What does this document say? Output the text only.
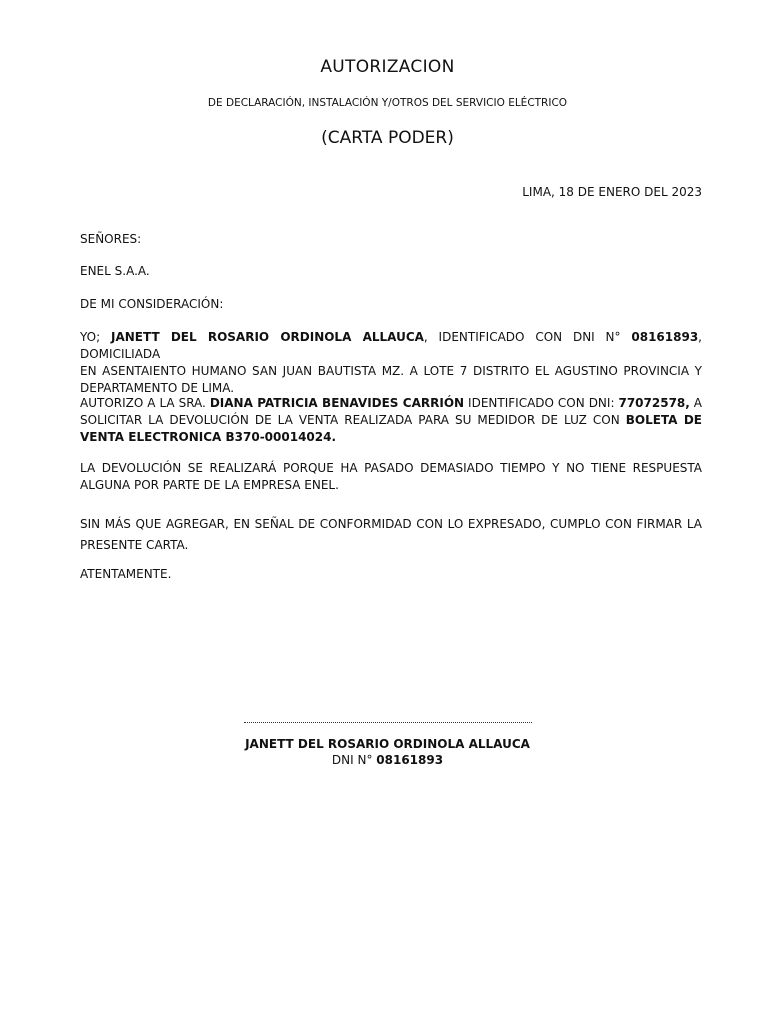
AUTORIZACION
DE DECLARACIÓN, INSTALACIÓN Y/OTROS DEL SERVICIO ELÉCTRICO
(CARTA PODER)
LIMA, 18 DE ENERO DEL 2023
SEÑORES:
ENEL S.A.A.
DE MI CONSIDERACIÓN:
YO; JANETT DEL ROSARIO ORDINOLA ALLAUCA, IDENTIFICADO CON DNI N° 08161893, DOMICILIADA
EN ASENTAIENTO HUMANO SAN JUAN BAUTISTA MZ. A LOTE 7 DISTRITO EL AGUSTINO PROVINCIA Y
DEPARTAMENTO DE LIMA.
AUTORIZO A LA SRA. DIANA PATRICIA BENAVIDES CARRIÓN IDENTIFICADO CON DNI: 77072578, A
SOLICITAR LA DEVOLUCIÓN DE LA VENTA REALIZADA PARA SU MEDIDOR DE LUZ CON BOLETA DE
VENTA ELECTRONICA B370-00014024.
LA DEVOLUCIÓN SE REALIZARÁ PORQUE HA PASADO DEMASIADO TIEMPO Y NO TIENE RESPUESTA
ALGUNA POR PARTE DE LA EMPRESA ENEL.
SIN MÁS QUE AGREGAR, EN SEÑAL DE CONFORMIDAD CON LO EXPRESADO, CUMPLO CON FIRMAR LA
PRESENTE CARTA.
ATENTAMENTE.
JANETT DEL ROSARIO ORDINOLA ALLAUCA
DNI N° 08161893
